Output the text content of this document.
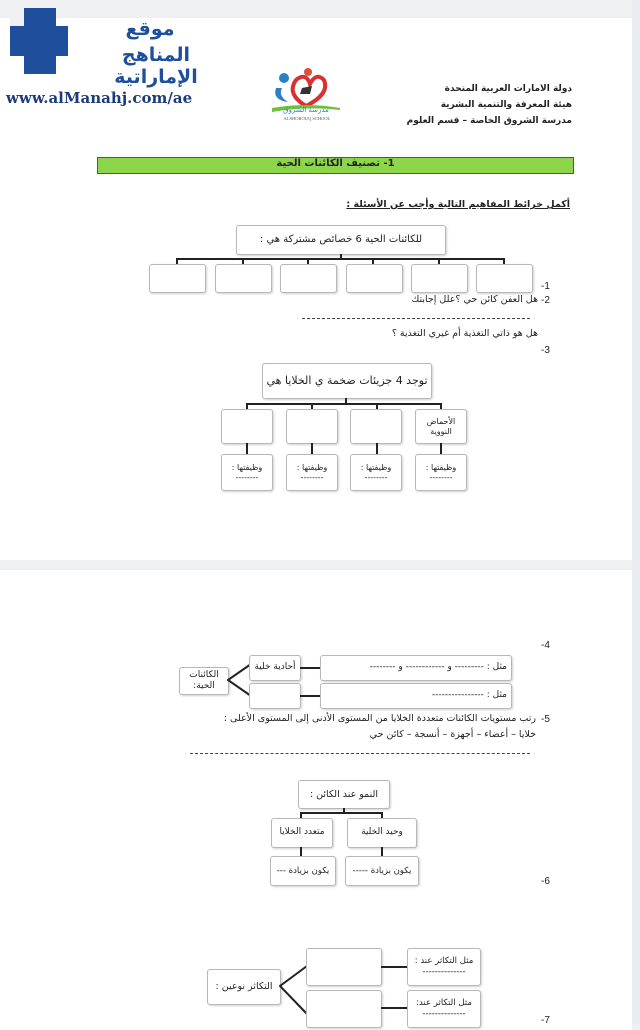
موقع
المناهج الإماراتية
www.alManahj.com/ae
مدرسة الشروق
ALSHOROUQ SCHOOL
دولة الامارات العربية المتحدة
هيئة المعرفة والتنمية البشرية
مدرسة الشروق الخاصة – قسم العلوم
1- تصنيف الكائنات الحية
أكمل خرائط المفاهيم التالية وأجب عن الأسئلة :
للكائنات الحية 6 خصائص مشتركة هي :
-1
-2
هل العفن كائن حي ؟علل إجابتك
هل هو ذاتي التغذية أم غيري التغذية ؟
-3
توجد 4 جزيئات ضخمة ي الخلايا هي
الأحماض النووية
وظيفتها :
--------
وظيفتها :
--------
وظيفتها :
--------
وظيفتها :
--------
-4
الكائنات الحية:
أحادية خلية	مثل : --------- و ------------ و --------
مثل : ----------------
-5
رتب مستويات الكائنات متعددة الخلايا من المستوى الأدنى إلى المستوى الأعلى :
خلايا – أعضاء – أجهزة – أنسجة – كائن حي
النمو عند الكائن :
متعدد الخلايا	وحيد الخلية
يكون بزيادة ---	يكون بزيادة -----
-6
التكاثر نوعين :
مثل التكاثر عند :
--------------
مثل التكاثر عند:
--------------
-7
